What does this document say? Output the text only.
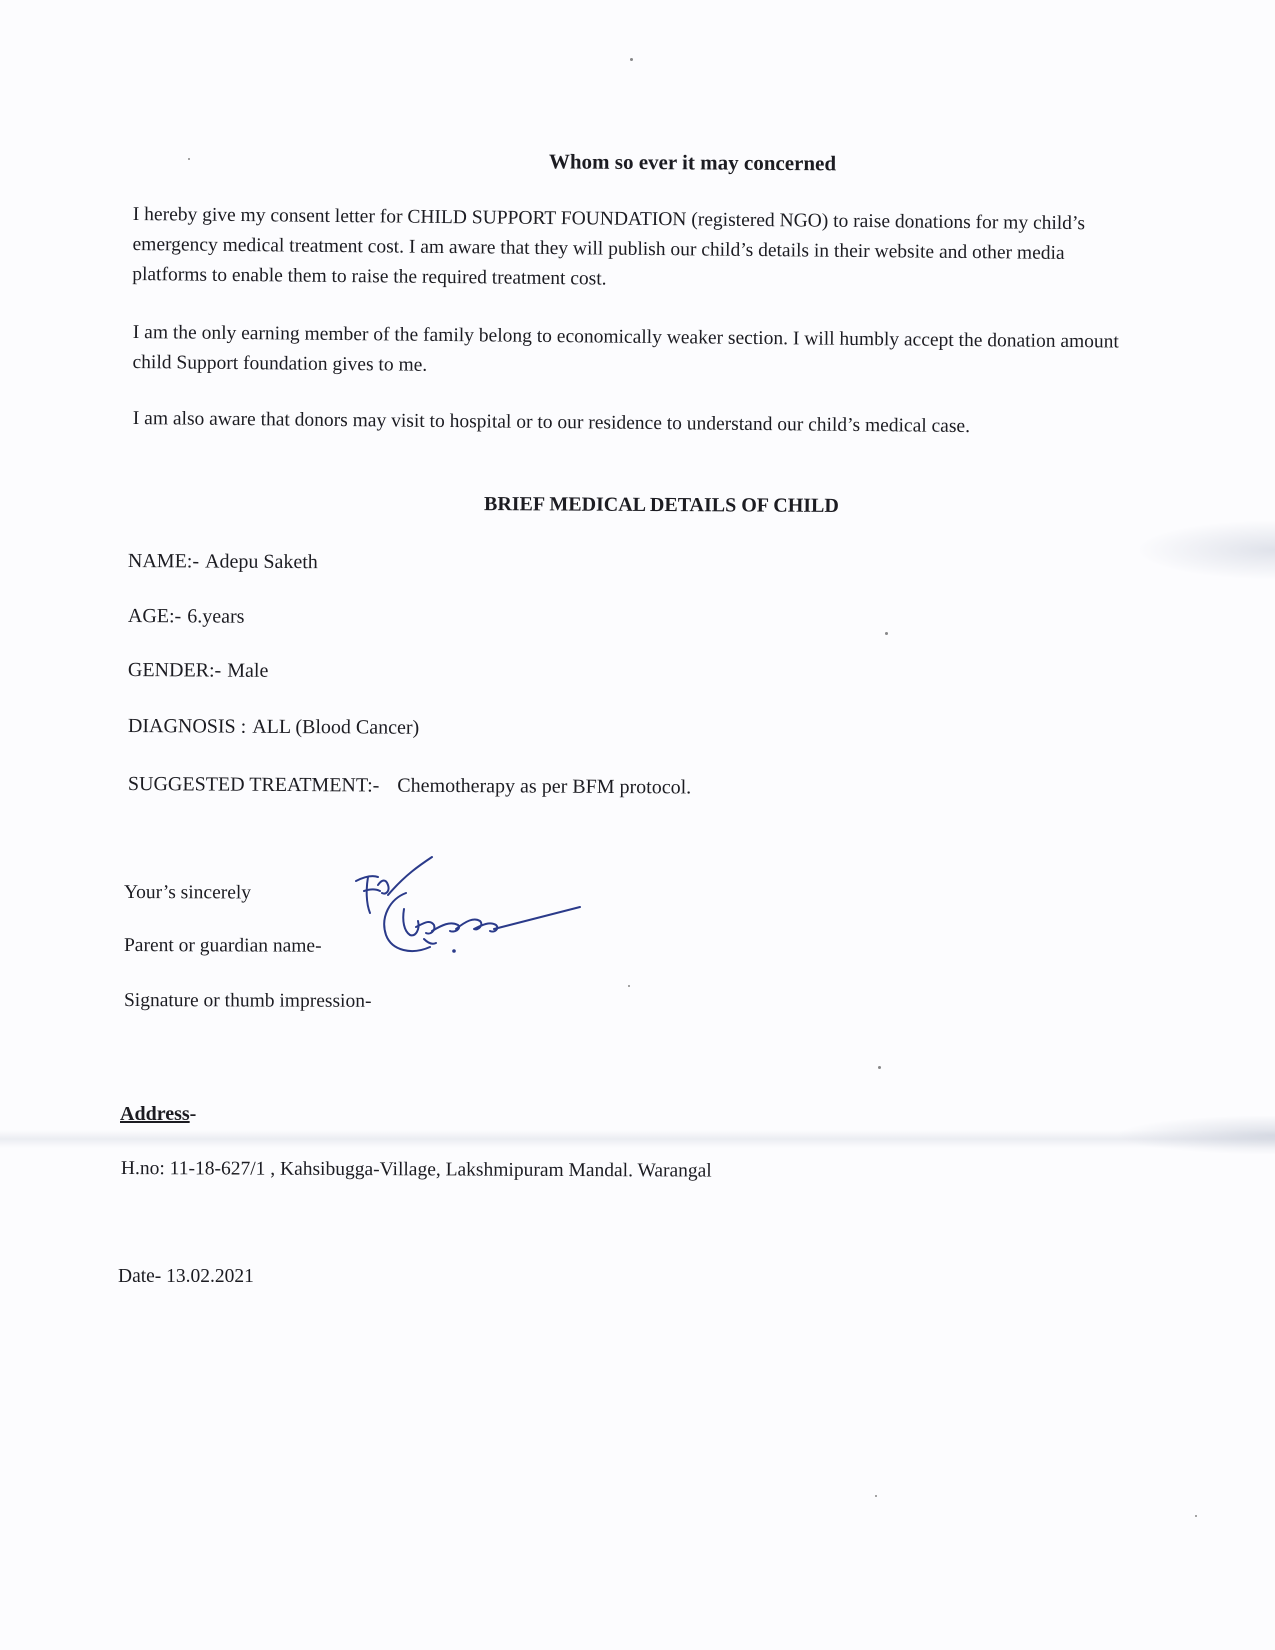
Whom so ever it may concerned
I hereby give my consent letter for CHILD SUPPORT FOUNDATION (registered NGO) to raise donations for my child’s emergency medical treatment cost. I am aware that they will publish our child’s details in their website and other media platforms to enable them to raise the required treatment cost.
I am the only earning member of the family belong to economically weaker section. I will humbly accept the donation amount child Support foundation gives to me.
I am also aware that donors may visit to hospital or to our residence to understand our child’s medical case.
BRIEF MEDICAL DETAILS OF CHILD
NAME:- Adepu Saketh
AGE:- 6.years
GENDER:- Male
DIAGNOSIS : ALL (Blood Cancer)
SUGGESTED TREATMENT:- Chemotherapy as per BFM protocol.
Your’s sincerely
Parent or guardian name-
Signature or thumb impression-
Address-
H.no: 11-18-627/1 , Kahsibugga-Village, Lakshmipuram Mandal. Warangal
Date- 13.02.2021
